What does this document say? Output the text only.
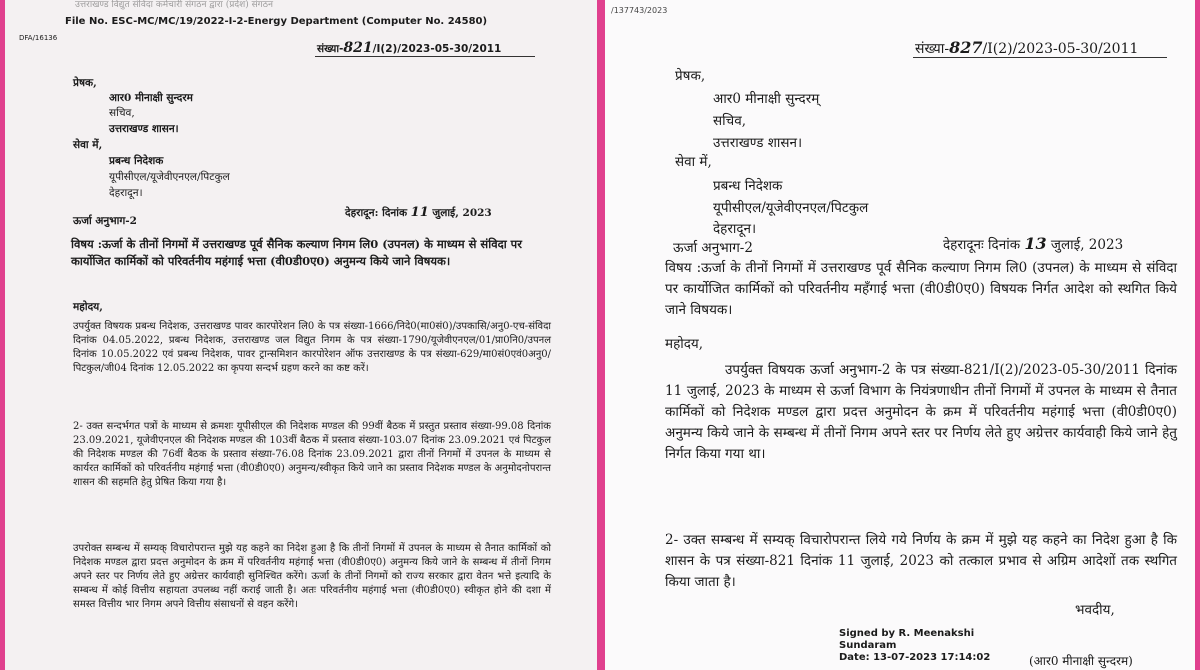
उत्तराखण्ड विद्युत संविदा कर्मचारी संगठन द्वारा (प्रदेश) संगठन
File No. ESC-MC/MC/19/2022-I-2-Energy Department (Computer No. 24580)
DFA/16136
संख्या-821/I(2)/2023-05-30/2011
प्रेषक,
आर0 मीनाक्षी सुन्दरम
सचिव,
उत्तराखण्ड शासन।
सेवा में,
प्रबन्ध निदेशक
यूपीसीएल/यूजेवीएनएल/पिटकुल
देहरादून।
ऊर्जा अनुभाग-2
देहरादून: दिनांक 11 जुलाई, 2023
विषय :ऊर्जा के तीनों निगमों में उत्तराखण्ड पूर्व सैनिक कल्याण निगम लि0 (उपनल) के माध्यम से संविदा पर कार्योजित कार्मिकों को परिवर्तनीय महंगाई भत्ता (वी0डी0ए0) अनुमन्य किये जाने विषयक।
महोदय,
उपर्युक्त विषयक प्रबन्ध निदेशक, उत्तराखण्ड पावर कारपोरेशन लि0 के पत्र संख्या-1666/निदे0(मा0सं0)/उपकासि/अनु0-एच-संविदा दिनांक 04.05.2022, प्रबन्ध निदेशक, उत्तराखण्ड जल विद्युत निगम के पत्र संख्या-1790/यूजेवीएनएल/01/प्रा0नि0/उपनल दिनांक 10.05.2022 एवं प्रबन्ध निदेशक, पावर ट्रान्समिशन कारपोरेशन ऑफ उत्तराखण्ड के पत्र संख्या-629/मा0सं0एवं0अनु0/पिटकुल/जी04 दिनांक 12.05.2022 का कृपया सन्दर्भ ग्रहण करने का कष्ट करें।
2- उक्त सन्दर्भगत पत्रों के माध्यम से क्रमशः यूपीसीएल की निदेशक मण्डल की 99वीं बैठक में प्रस्तुत प्रस्ताव संख्या-99.08 दिनांक 23.09.2021, यूजेवीएनएल की निदेशक मण्डल की 103वीं बैठक में प्रस्ताव संख्या-103.07 दिनांक 23.09.2021 एवं पिटकुल की निदेशक मण्डल की 76वीं बैठक के प्रस्ताव संख्या-76.08 दिनांक 23.09.2021 द्वारा तीनों निगमों में उपनल के माध्यम से कार्यरत कार्मिकों को परिवर्तनीय महंगाई भत्ता (वी0डी0ए0) अनुमन्य/स्वीकृत किये जाने का प्रस्ताव निदेशक मण्डल के अनुमोदनोपरान्त शासन की सहमति हेतु प्रेषित किया गया है।
उपरोक्त सम्बन्ध में सम्यक् विचारोपरान्त मुझे यह कहने का निदेश हुआ है कि तीनों निगमों में उपनल के माध्यम से तैनात कार्मिकों को निदेशक मण्डल द्वारा प्रदत्त अनुमोदन के क्रम में परिवर्तनीय महंगाई भत्ता (वी0डी0ए0) अनुमन्य किये जाने के सम्बन्ध में तीनों निगम अपने स्तर पर निर्णय लेते हुए अग्रेत्तर कार्यवाही सुनिश्चित करेंगे। ऊर्जा के तीनों निगमों को राज्य सरकार द्वारा वेतन भत्ते इत्यादि के सम्बन्ध में कोई वित्तीय सहायता उपलब्ध नहीं कराई जाती है। अतः परिवर्तनीय महंगाई भत्ता (वी0डी0ए0) स्वीकृत होने की दशा में समस्त वित्तीय भार निगम अपने वित्तीय संसाधनों से वहन करेंगे।
/137743/2023
संख्या-827/I(2)/2023-05-30/2011
प्रेषक,
आर0 मीनाक्षी सुन्दरम्
सचिव,
उत्तराखण्ड शासन।
सेवा में,
प्रबन्ध निदेशक
यूपीसीएल/यूजेवीएनएल/पिटकुल
देहरादून।
ऊर्जा अनुभाग-2	देहरादूनः दिनांक 13 जुलाई, 2023
विषय :ऊर्जा के तीनों निगमों में उत्तराखण्ड पूर्व सैनिक कल्याण निगम लि0 (उपनल) के माध्यम से संविदा पर कार्योजित कार्मिकों को परिवर्तनीय महँगाई भत्ता (वी0डी0ए0) विषयक निर्गत आदेश को स्थगित किये जाने विषयक।
महोदय,
उपर्युक्त विषयक ऊर्जा अनुभाग-2 के पत्र संख्या-821/I(2)/2023-05-30/2011 दिनांक 11 जुलाई, 2023 के माध्यम से ऊर्जा विभाग के नियंत्रणाधीन तीनों निगमों में उपनल के माध्यम से तैनात कार्मिकों को निदेशक मण्डल द्वारा प्रदत्त अनुमोदन के क्रम में परिवर्तनीय महंगाई भत्ता (वी0डी0ए0) अनुमन्य किये जाने के सम्बन्ध में तीनों निगम अपने स्तर पर निर्णय लेते हुए अग्रेत्तर कार्यवाही किये जाने हेतु निर्गत किया गया था।
2- उक्त सम्बन्ध में सम्यक् विचारोपरान्त लिये गये निर्णय के क्रम में मुझे यह कहने का निदेश हुआ है कि शासन के पत्र संख्या-821 दिनांक 11 जुलाई, 2023 को तत्काल प्रभाव से अग्रिम आदेशों तक स्थगित किया जाता है।
भवदीय,
Signed by R. Meenakshi
Sundaram
Date: 13-07-2023 17:14:02	(आर0 मीनाक्षी सुन्दरम)
